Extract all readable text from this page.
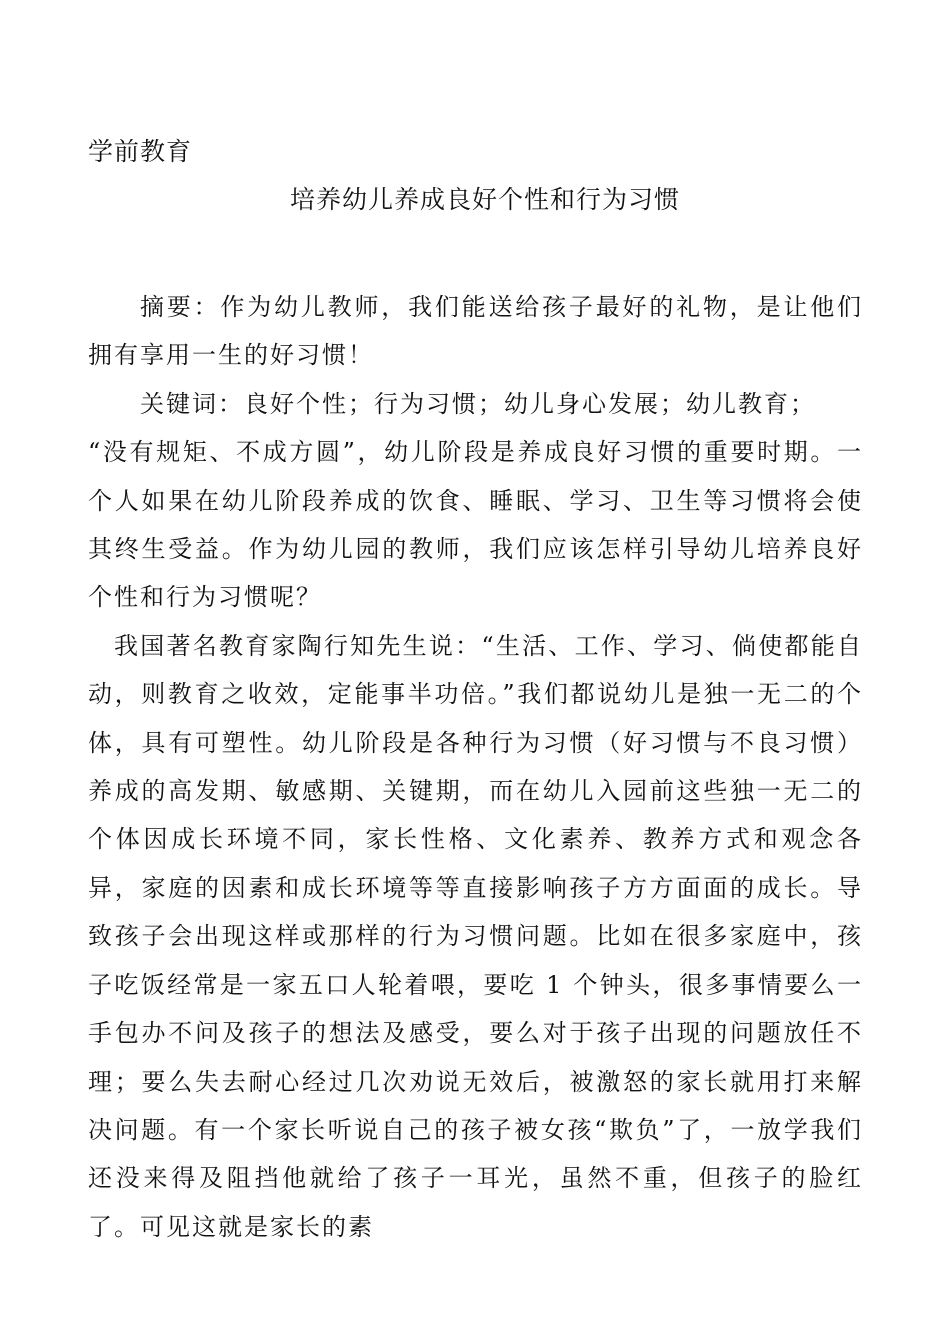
学前教育
培养幼儿养成良好个性和行为习惯

摘要：作为幼儿教师，我们能送给孩子最好的礼物，是让他们拥有享用一生的好习惯！

关键词：良好个性；行为习惯；幼儿身心发展；幼儿教育；

“没有规矩、不成方圆”，幼儿阶段是养成良好习惯的重要时期。一个人如果在幼儿阶段养成的饮食、睡眠、学习、卫生等习惯将会使其终生受益。作为幼儿园的教师，我们应该怎样引导幼儿培养良好个性和行为习惯呢？

我国著名教育家陶行知先生说：“生活、工作、学习、倘使都能自动，则教育之收效，定能事半功倍。”我们都说幼儿是独一无二的个体，具有可塑性。幼儿阶段是各种行为习惯（好习惯与不良习惯）养成的高发期、敏感期、关键期，而在幼儿入园前这些独一无二的个体因成长环境不同，家长性格、文化素养、教养方式和观念各异，家庭的因素和成长环境等等直接影响孩子方方面面的成长。导致孩子会出现这样或那样的行为习惯问题。比如在很多家庭中，孩子吃饭经常是一家五口人轮着喂，要吃 1 个钟头，很多事情要么一手包办不问及孩子的想法及感受，要么对于孩子出现的问题放任不理；要么失去耐心经过几次劝说无效后，被激怒的家长就用打来解决问题。有一个家长听说自己的孩子被女孩“欺负”了，一放学我们还没来得及阻挡他就给了孩子一耳光，虽然不重，但孩子的脸红了。可见这就是家长的素
